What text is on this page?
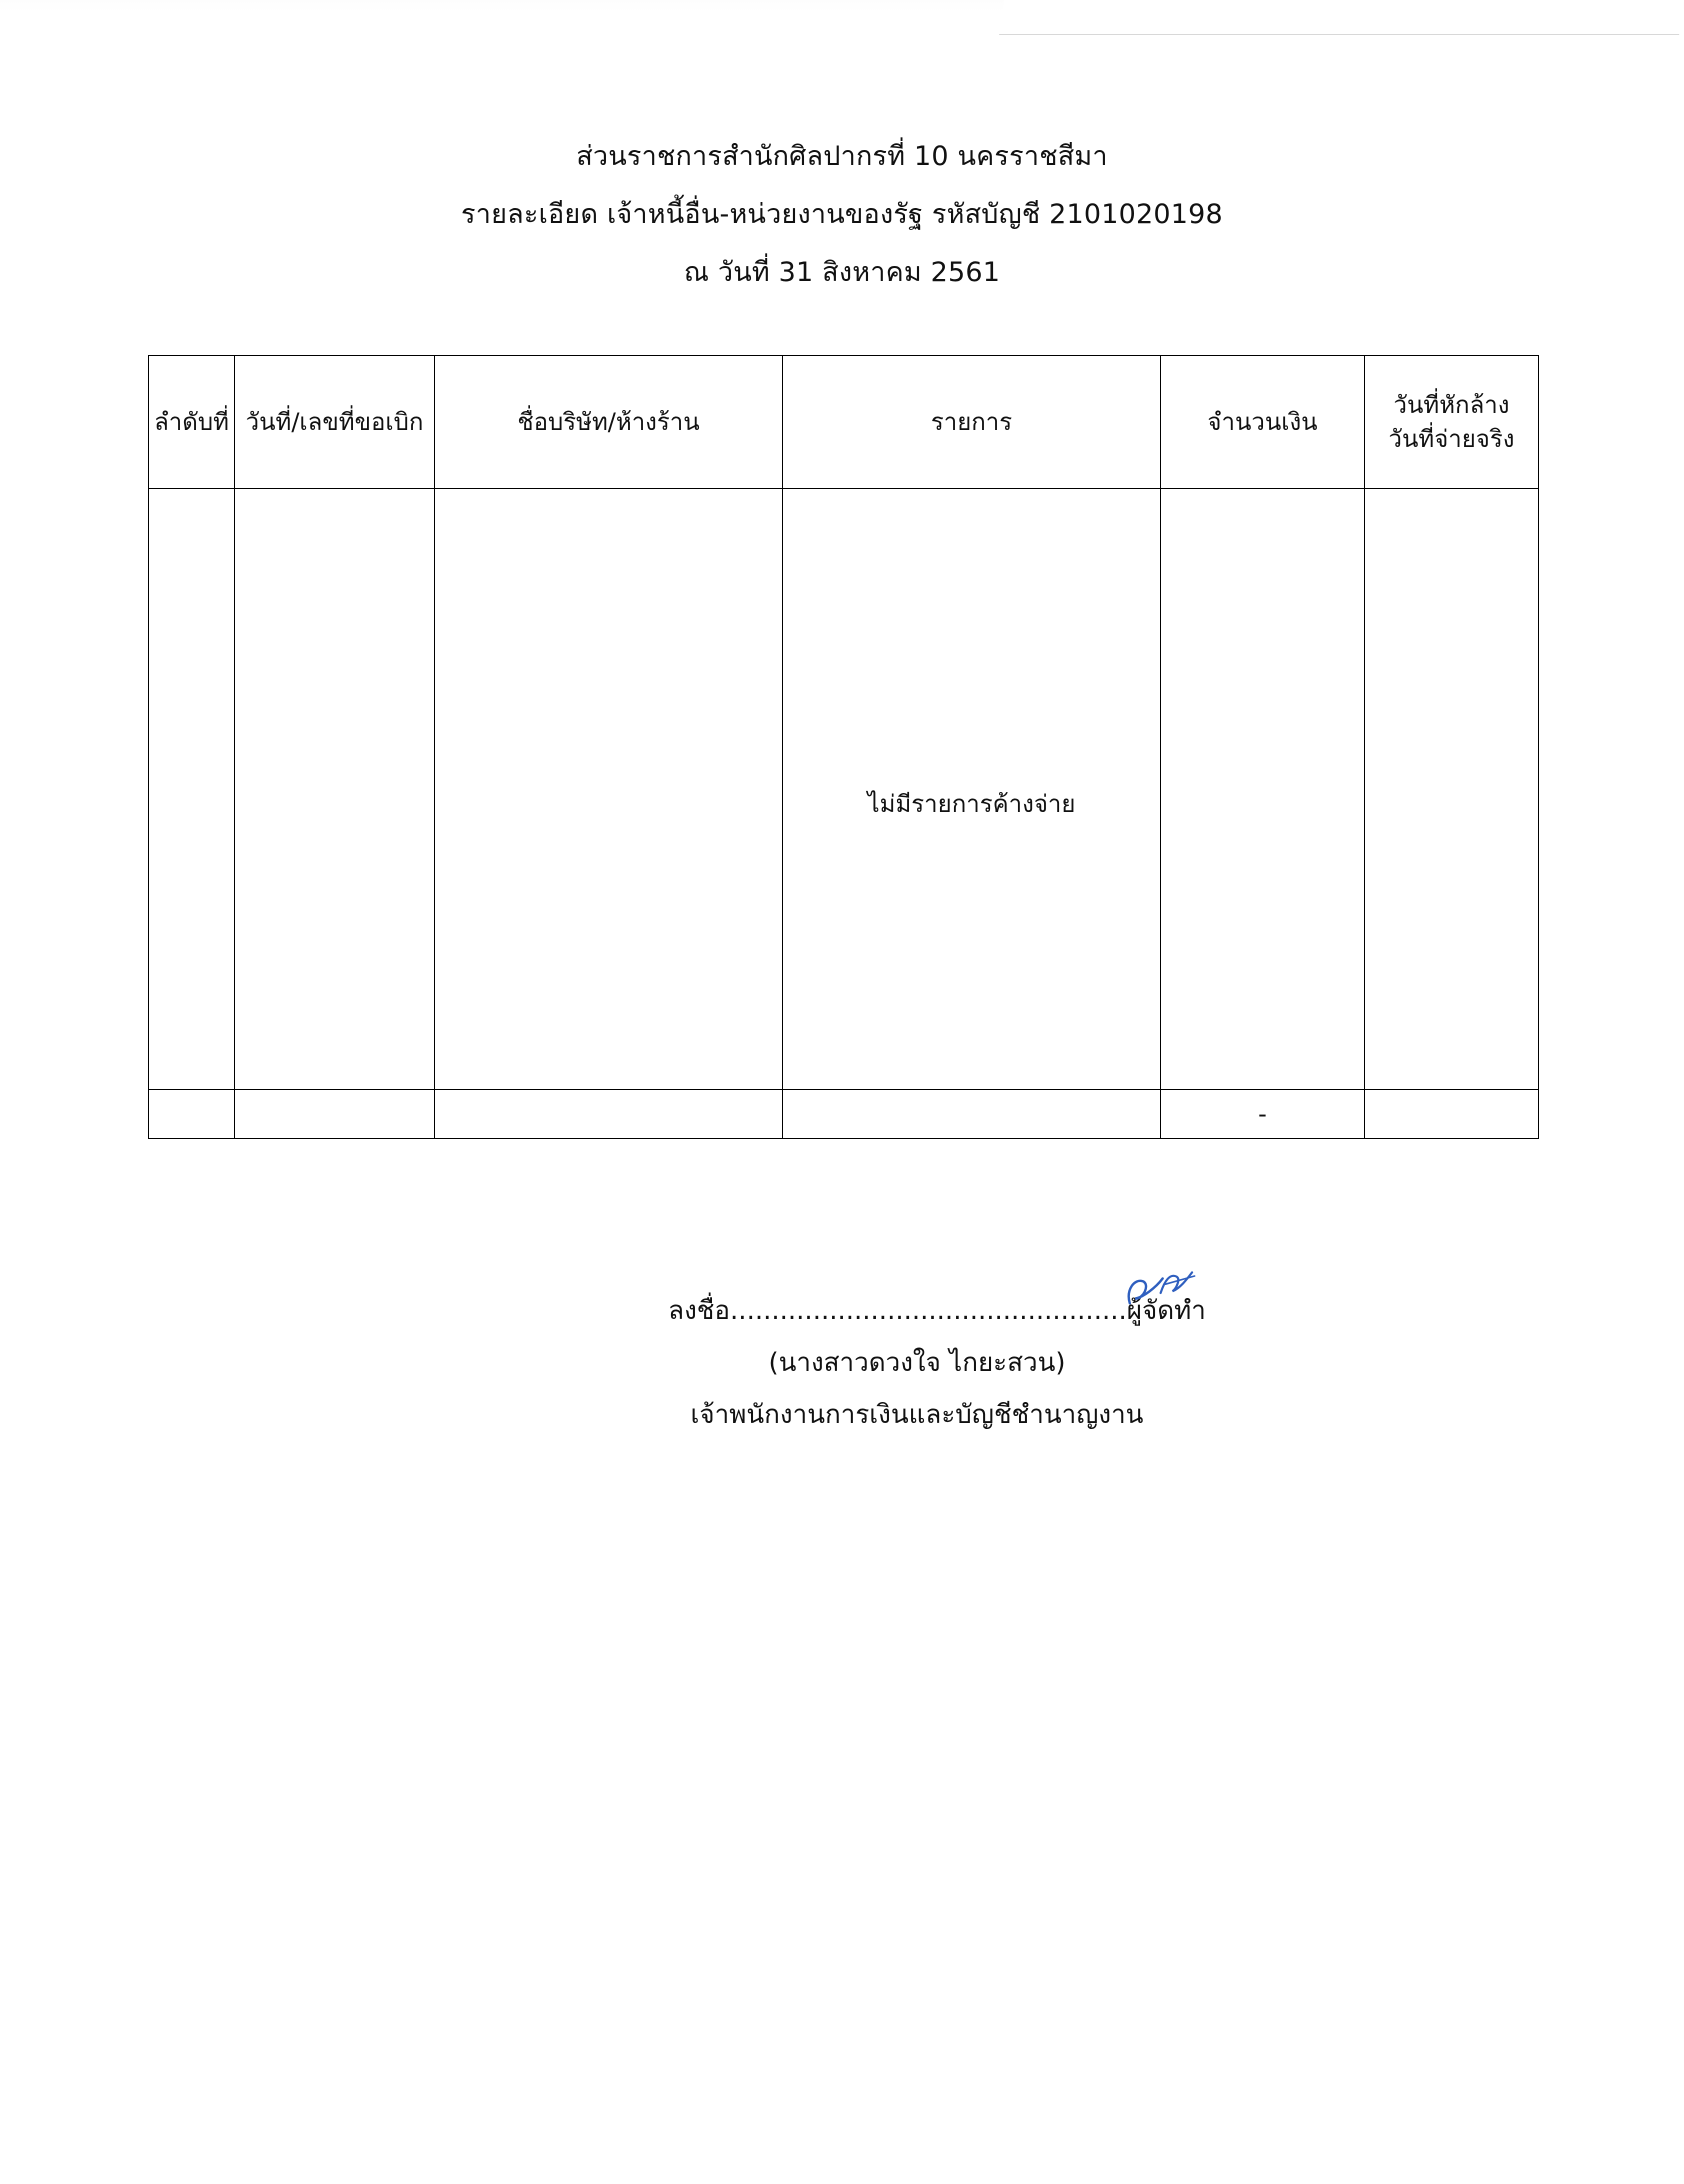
ส่วนราชการสำนักศิลปากรที่ 10 นครราชสีมา
รายละเอียด เจ้าหนี้อื่น-หน่วยงานของรัฐ รหัสบัญชี 2101020198
ณ วันที่ 31 สิงหาคม 2561
ลำดับที่	วันที่/เลขที่ขอเบิก	ชื่อบริษัท/ห้างร้าน	รายการ	จำนวนเงิน	วันที่หักล้าง
วันที่จ่ายจริง

			ไม่มีรายการค้างจ่าย		

				-	
ลงชื่อ................................................ผู้จัดทำ
(นางสาวดวงใจ ไกยะสวน)
เจ้าพนักงานการเงินและบัญชีชำนาญงาน
